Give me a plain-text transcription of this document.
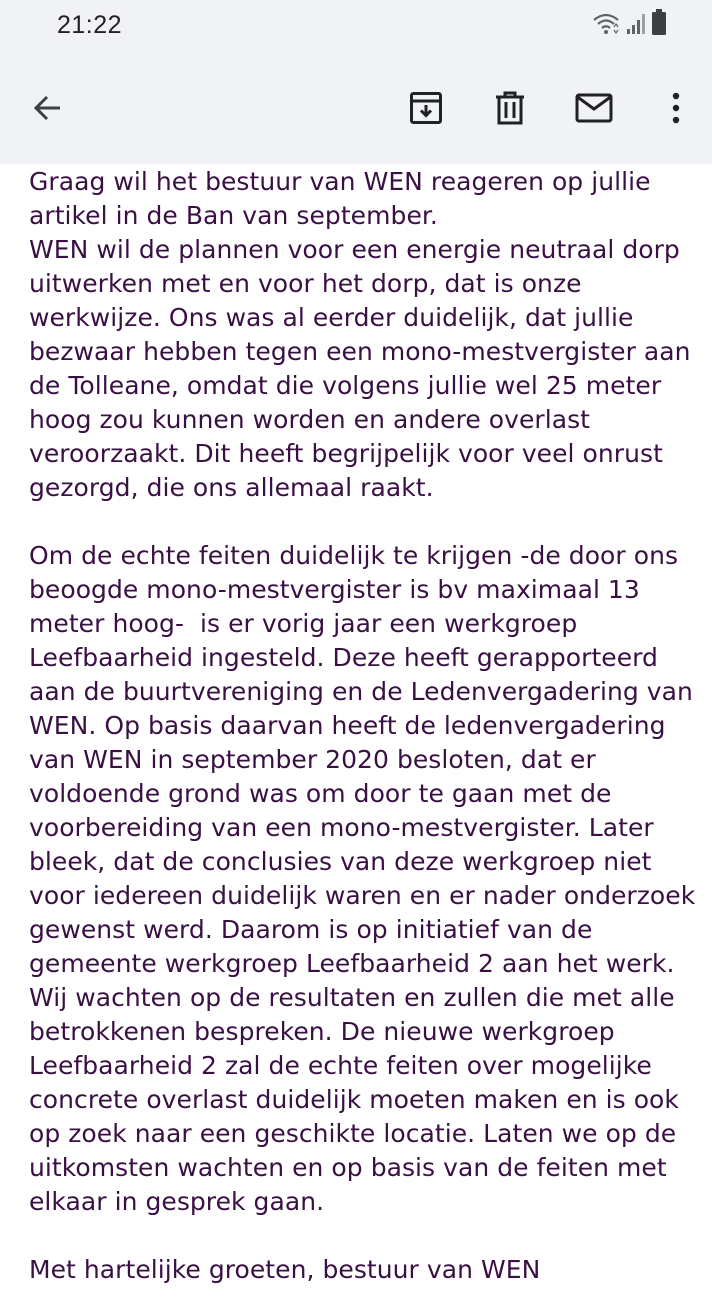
21:22
Graag wil het bestuur van WEN reageren op jullie
artikel in de Ban van september.
WEN wil de plannen voor een energie neutraal dorp
uitwerken met en voor het dorp, dat is onze
werkwijze. Ons was al eerder duidelijk, dat jullie
bezwaar hebben tegen een mono-mestvergister aan
de Tolleane, omdat die volgens jullie wel 25 meter
hoog zou kunnen worden en andere overlast
veroorzaakt. Dit heeft begrijpelijk voor veel onrust
gezorgd, die ons allemaal raakt.
Om de echte feiten duidelijk te krijgen -de door ons
beoogde mono-mestvergister is bv maximaal 13
meter hoog-  is er vorig jaar een werkgroep
Leefbaarheid ingesteld. Deze heeft gerapporteerd
aan de buurtvereniging en de Ledenvergadering van
WEN. Op basis daarvan heeft de ledenvergadering
van WEN in september 2020 besloten, dat er
voldoende grond was om door te gaan met de
voorbereiding van een mono-mestvergister. Later
bleek, dat de conclusies van deze werkgroep niet
voor iedereen duidelijk waren en er nader onderzoek
gewenst werd. Daarom is op initiatief van de
gemeente werkgroep Leefbaarheid 2 aan het werk.
Wij wachten op de resultaten en zullen die met alle
betrokkenen bespreken. De nieuwe werkgroep
Leefbaarheid 2 zal de echte feiten over mogelijke
concrete overlast duidelijk moeten maken en is ook
op zoek naar een geschikte locatie. Laten we op de
uitkomsten wachten en op basis van de feiten met
elkaar in gesprek gaan.
Met hartelijke groeten, bestuur van WEN
